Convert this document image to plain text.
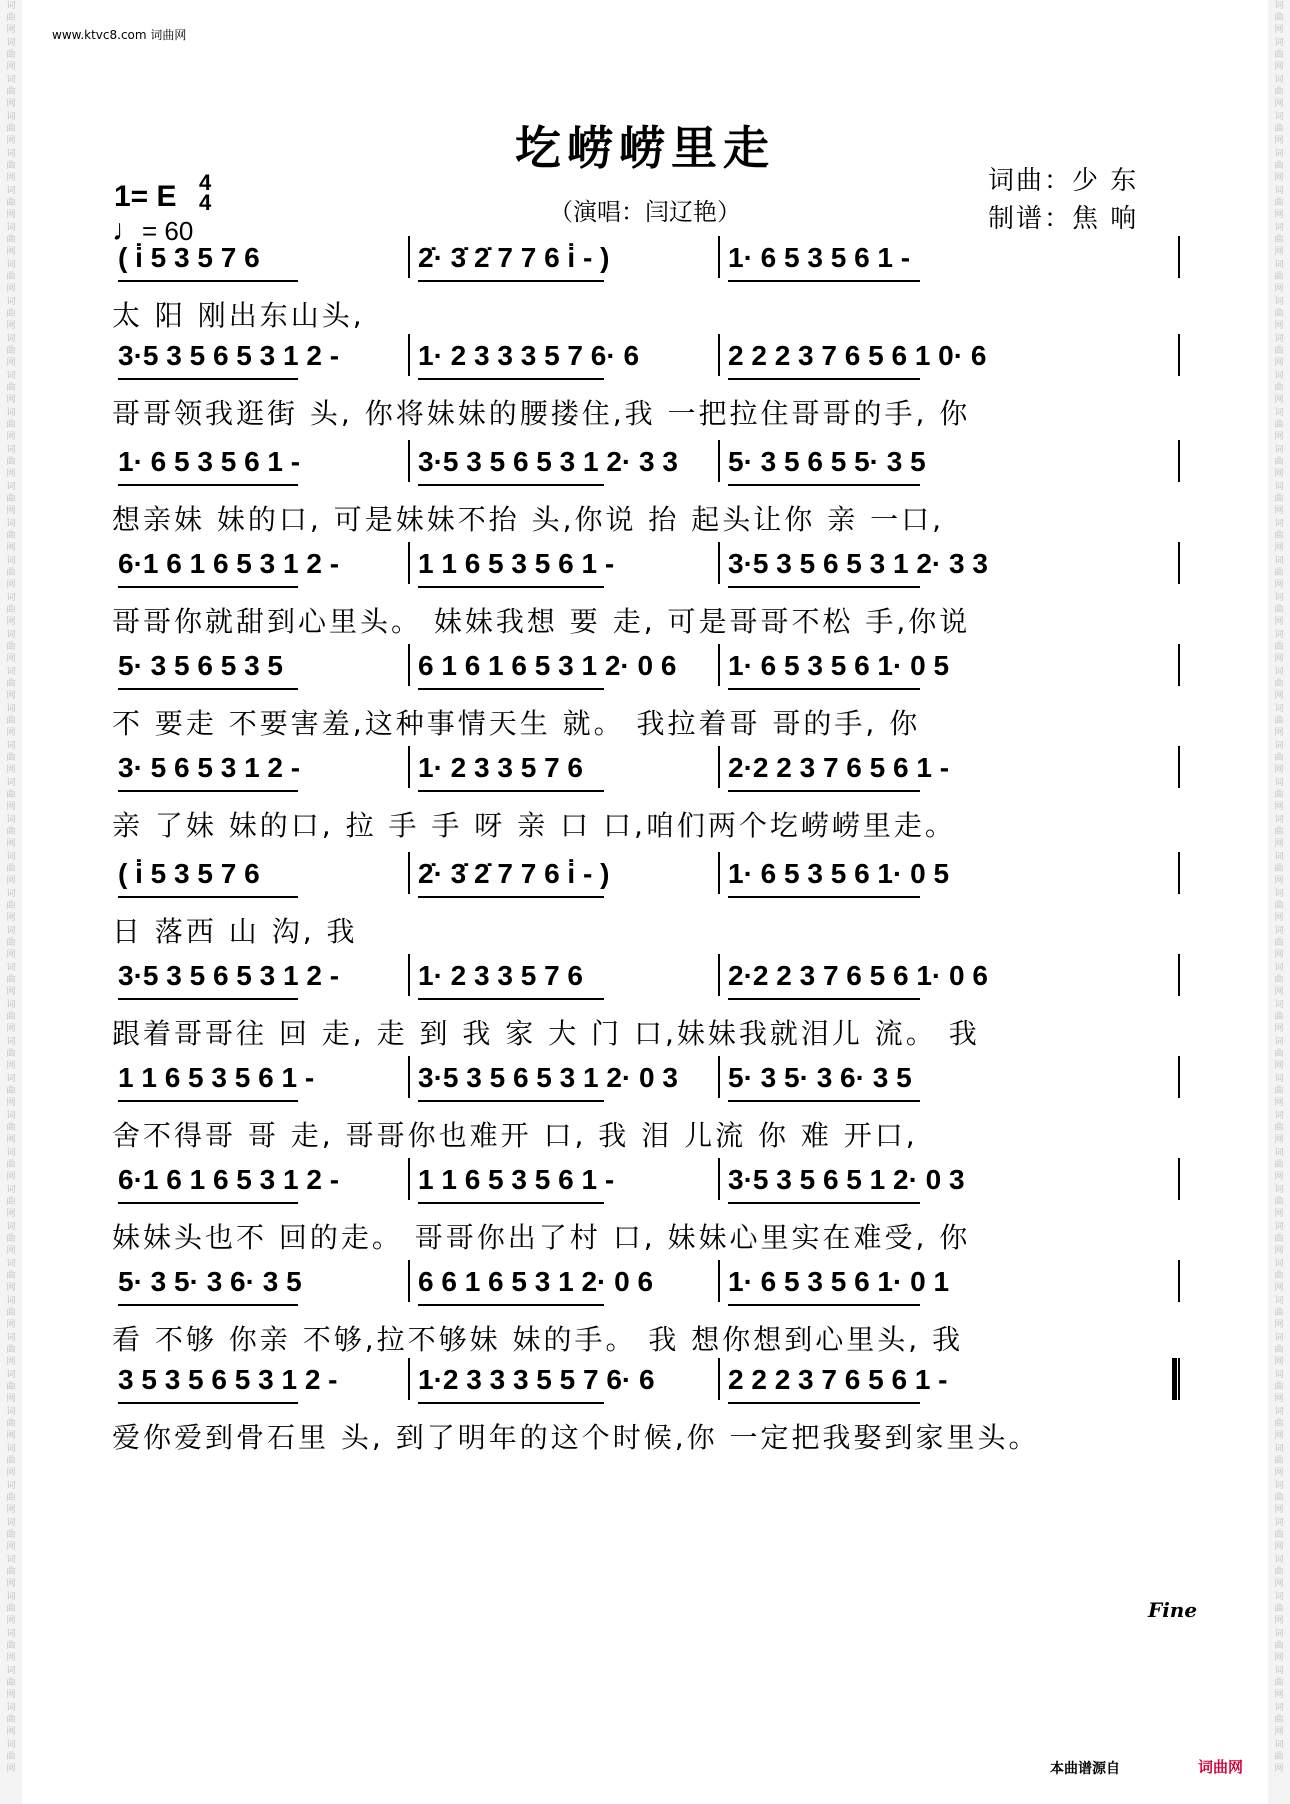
词
曲
网
词
曲
网
词
曲
网
词
曲
网
词
曲
网
词
曲
网
词
曲
网
词
曲
网
词
曲
网
词
曲
网
词
曲
网
词
曲
网
词
曲
网
词
曲
网
词
曲
网
词
曲
网
词
曲
网
词
曲
网
词
曲
网
词
曲
网
词
曲
网
词
曲
网
词
曲
网
词
曲
网
词
曲
网
词
曲
网
词
曲
网
词
曲
网
词
曲
网
词
曲
网
词
曲
网
词
曲
网
词
曲
网
词
曲
网
词
曲
网
词
曲
网
词
曲
网
词
曲
网
词
曲
网
词
曲
网
词
曲
网
词
曲
网
词
曲
网
词
曲
网
词
曲
网
词
曲
网
词
曲
网
词
曲
网
词
曲
网
词
曲
网
词
曲
网
词
曲
网
词
曲
网
词
曲
网
词
曲
网
词
曲
网
词
曲
网
词
曲
网
词
曲
网
词
曲
网
词
曲
网
词
曲
网
词
曲
网
词
曲
网
词
曲
网
词
曲
网
词
曲
网
词
曲
网
词
曲
网
词
曲
网
词
曲
网
词
曲
网
词
曲
网
词
曲
网
词
曲
网
词
曲
网
词
曲
网
词
曲
网
词
曲
网
词
曲
网
词
曲
网
词
曲
网
词
曲
网
词
曲
网
词
曲
网
词
曲
网
词
曲
网
词
曲
网
词
曲
网
词
曲
网
词
曲
网
词
曲
网
词
曲
网
词
曲
网
词
曲
网
词
曲
网
www.ktvc8.com 词曲网
圪崂崂里走
（演唱：闫辽艳）
词曲：少 东
制谱：焦 响
1= E 4
4
♩= 60
( i̇ 5 3 5 7 6	2̇· 3̇ 2̇ 7 7 6 i̇ - )	1· 6 5 3 5 6 1 -
太 阳 刚出东山头,
3·5 3 5 6 5 3 1 2 -	1· 2 3 3 3 5 7 6· 6	2 2 2 3 7 6 5 6 1 0· 6
哥哥领我逛街 头, 你将妹妹的腰搂住,我 一把拉住哥哥的手, 你
1· 6 5 3 5 6 1 -	3·5 3 5 6 5 3 1 2· 3 3	5· 3 5 6 5 5· 3 5
想亲妹 妹的口, 可是妹妹不抬 头,你说 抬 起头让你 亲 一口,
6·1 6 1 6 5 3 1 2 -	1 1 6 5 3 5 6 1 -	3·5 3 5 6 5 3 1 2· 3 3
哥哥你就甜到心里头。 妹妹我想 要 走, 可是哥哥不松 手,你说
5· 3 5 6 5 3 5	6 1 6 1 6 5 3 1 2· 0 6	1· 6 5 3 5 6 1· 0 5
不 要走 不要害羞,这种事情天生 就。 我拉着哥 哥的手, 你
3· 5 6 5 3 1 2 -	1· 2 3 3 5 7 6	2·2 2 3 7 6 5 6 1 -
亲 了妹 妹的口, 拉 手 手 呀 亲 口 口,咱们两个圪崂崂里走。
( i̇ 5 3 5 7 6	2̇· 3̇ 2̇ 7 7 6 i̇ - )	1· 6 5 3 5 6 1· 0 5
日 落西 山 沟, 我
3·5 3 5 6 5 3 1 2 -	1· 2 3 3 5 7 6	2·2 2 3 7 6 5 6 1· 0 6
跟着哥哥往 回 走, 走 到 我 家 大 门 口,妹妹我就泪儿 流。 我
1 1 6 5 3 5 6 1 -	3·5 3 5 6 5 3 1 2· 0 3	5· 3 5· 3 6· 3 5
舍不得哥 哥 走, 哥哥你也难开 口, 我 泪 儿流 你 难 开口,
6·1 6 1 6 5 3 1 2 -	1 1 6 5 3 5 6 1 -	3·5 3 5 6 5 1 2· 0 3
妹妹头也不 回的走。 哥哥你出了村 口, 妹妹心里实在难受, 你
5· 3 5· 3 6· 3 5	6 6 1 6 5 3 1 2· 0 6	1· 6 5 3 5 6 1· 0 1
看 不够 你亲 不够,拉不够妹 妹的手。 我 想你想到心里头, 我
3 5 3 5 6 5 3 1 2 -	1·2 3 3 3 5 5 7 6· 6	2 2 2 3 7 6 5 6 1 -
爱你爱到骨石里 头, 到了明年的这个时候,你 一定把我娶到家里头。
Fine
本曲谱源自	词曲网
